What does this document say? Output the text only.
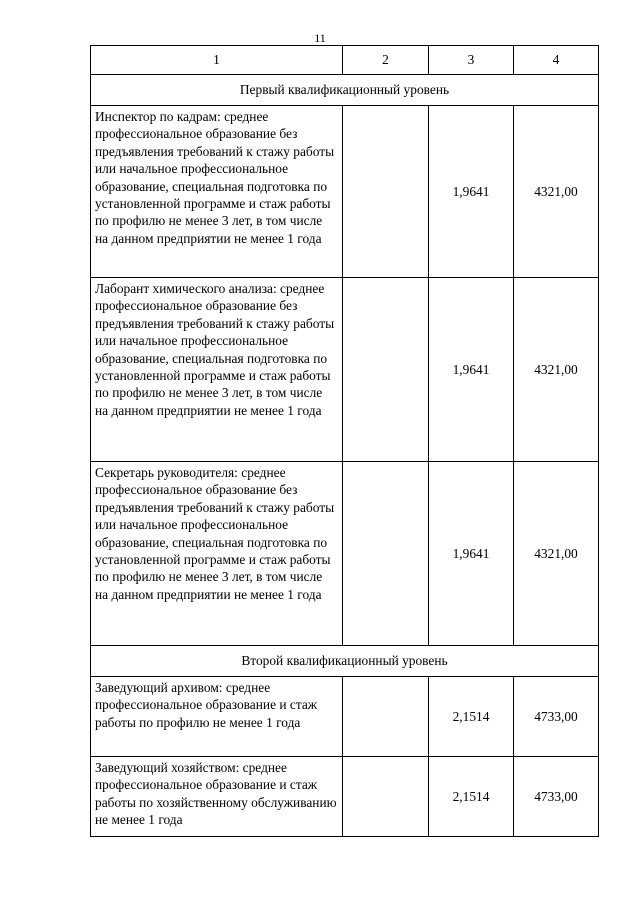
11
1	2	3	4
Первый квалификационный уровень			
Инспектор по кадрам: среднее профессиональное образование без предъявления требований к стажу работы или начальное профессиональное образование, специальная подготовка по установленной программе и стаж работы по профилю не менее 3 лет, в том числе на данном предприятии не менее 1 года		1,9641	4321,00
Лаборант химического анализа: среднее профессиональное образование без предъявления требований к стажу работы или начальное профессиональное образование, специальная подготовка по установленной программе и стаж работы по профилю не менее 3 лет, в том числе на данном предприятии не менее 1 года		1,9641	4321,00
Секретарь руководителя: среднее профессиональное образование без предъявления требований к стажу работы или начальное профессиональное образование, специальная подготовка по установленной программе и стаж работы по профилю не менее 3 лет, в том числе на данном предприятии не менее 1 года		1,9641	4321,00
Второй квалификационный уровень			
Заведующий архивом: среднее профессиональное образование и стаж работы по профилю не менее 1 года		2,1514	4733,00
Заведующий хозяйством: среднее профессиональное образование и стаж работы по хозяйственному обслуживанию не менее 1 года		2,1514	4733,00
